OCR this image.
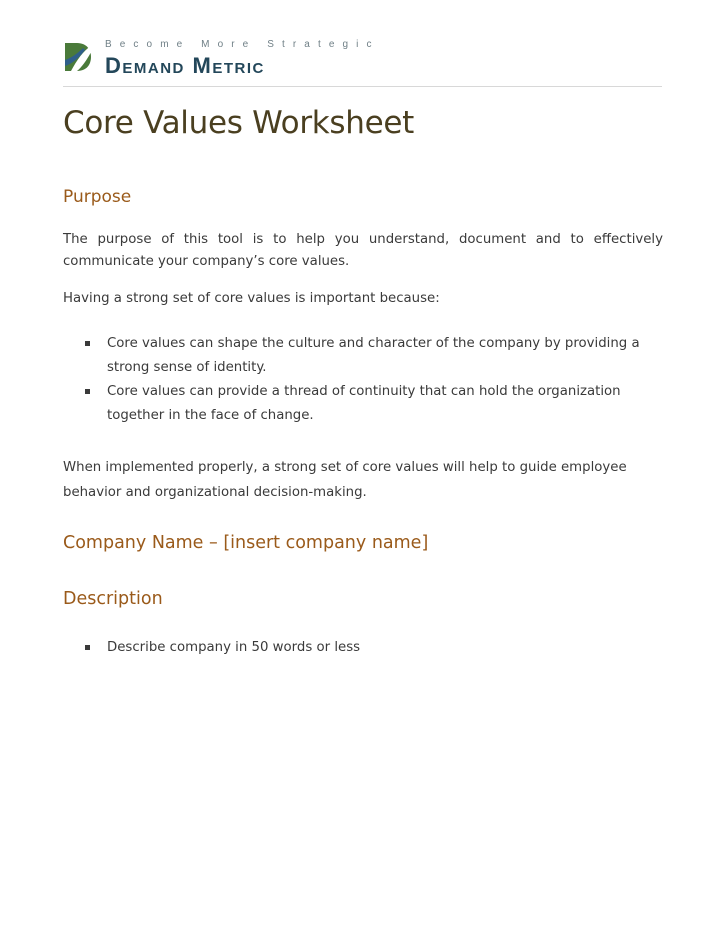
Become More Strategic
Demand Metric
Core Values Worksheet
Purpose

The purpose of this tool is to help you understand, document and to effectively communicate your company’s core values.

Having a strong set of core values is important because:

Core values can shape the culture and character of the company by providing a strong sense of identity.
Core values can provide a thread of continuity that can hold the organization together in the face of change.

When implemented properly, a strong set of core values will help to guide employee behavior and organizational decision-making.

Company Name – [insert company name]
Description
Describe company in 50 words or less
